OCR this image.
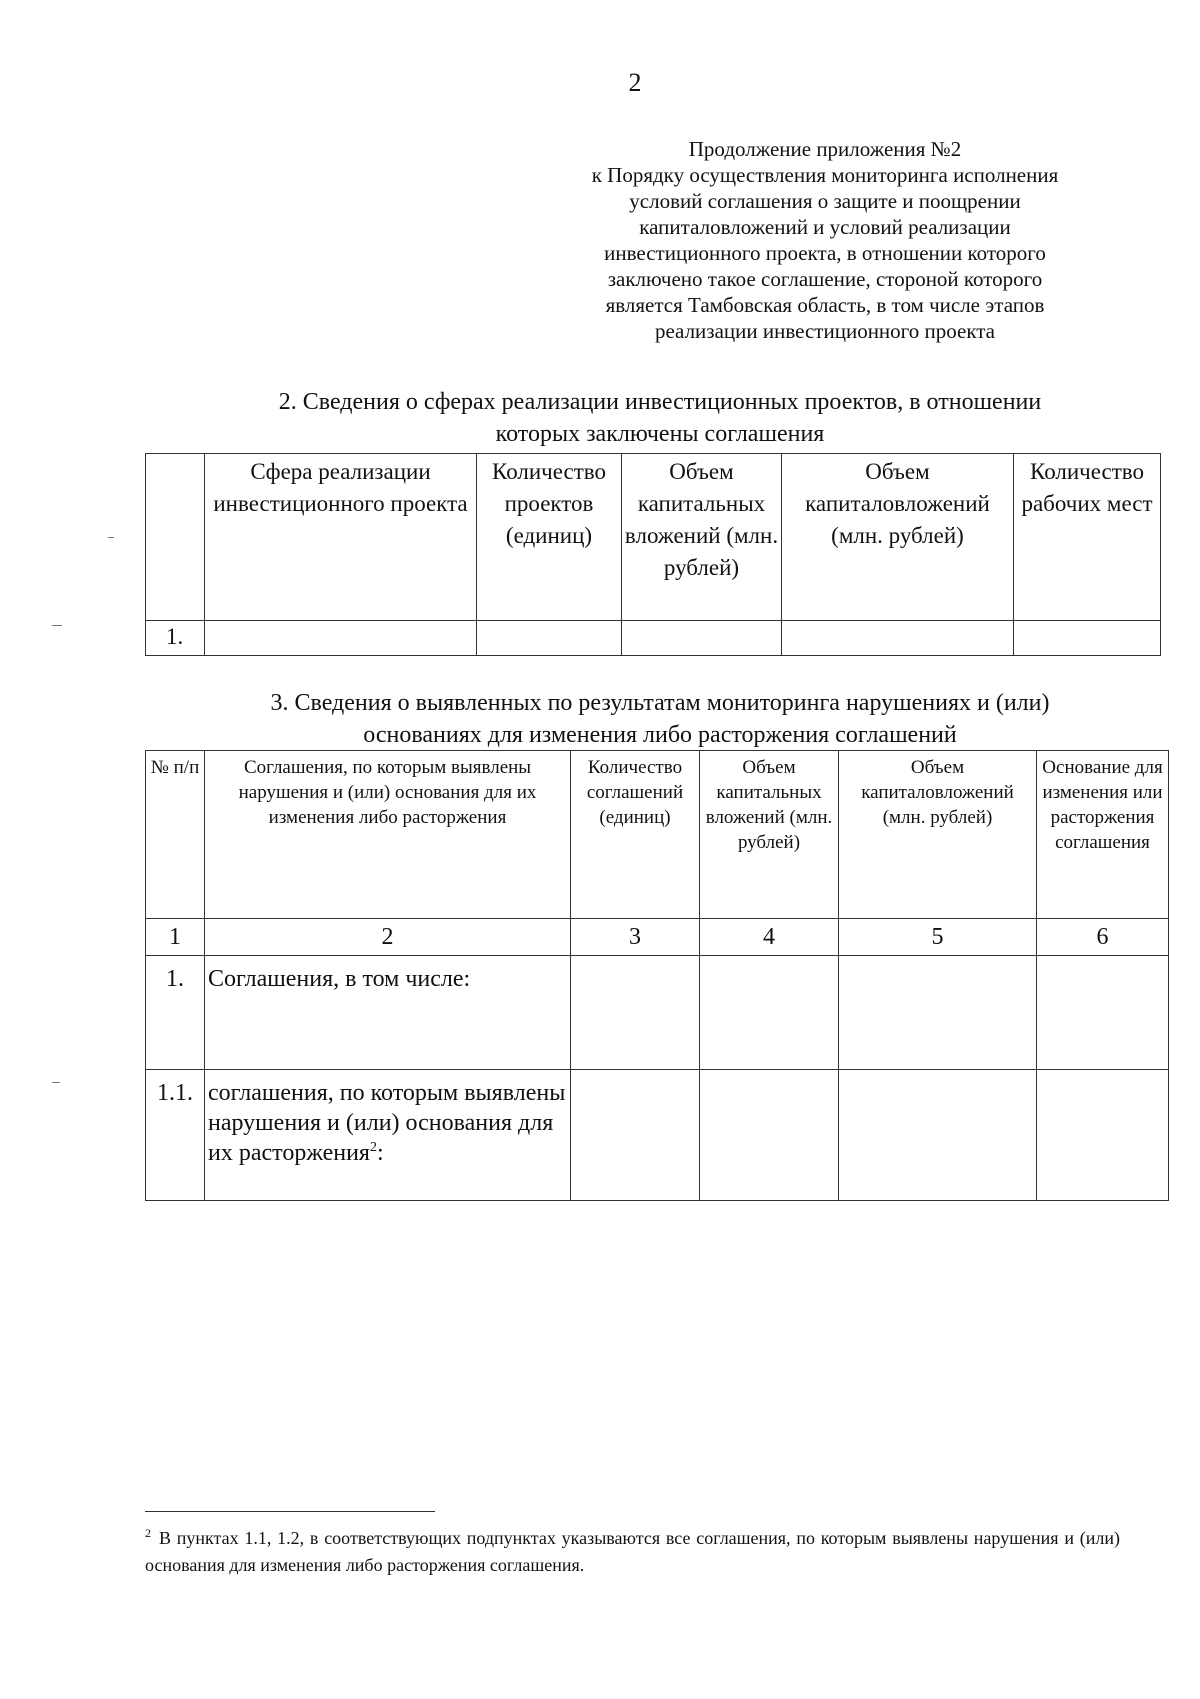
2
Продолжение приложения №2
к Порядку осуществления мониторинга исполнения
условий соглашения о защите и поощрении
капиталовложений и условий реализации
инвестиционного проекта, в отношении которого
заключено такое соглашение, стороной которого
является Тамбовская область, в том числе этапов
реализации инвестиционного проекта
2. Сведения о сферах реализации инвестиционных проектов, в отношении
которых заключены соглашения
	Сфера реализации инвестиционного проекта	Количество проектов (единиц)	Объем капитальных вложений (млн. рублей)	Объем капиталовложений (млн. рублей)	Количество рабочих мест
1.					
3. Сведения о выявленных по результатам мониторинга нарушениях и (или)
основаниях для изменения либо расторжения соглашений
№ п/п	Соглашения, по которым выявлены нарушения и (или) основания для их изменения либо расторжения	Количество соглашений (единиц)	Объем капитальных вложений (млн. рублей)	Объем капиталовложений (млн. рублей)	Основание для изменения или расторжения соглашения
1	2	3	4	5	6
1.	Соглашения, в том числе:				
1.1.	соглашения, по которым выявлены нарушения и (или) основания для их расторжения$^2$:				
$^2$ В пунктах 1.1, 1.2, в соответствующих подпунктах указываются все соглашения, по которым выявлены нарушения и (или) основания для изменения либо расторжения соглашения.
